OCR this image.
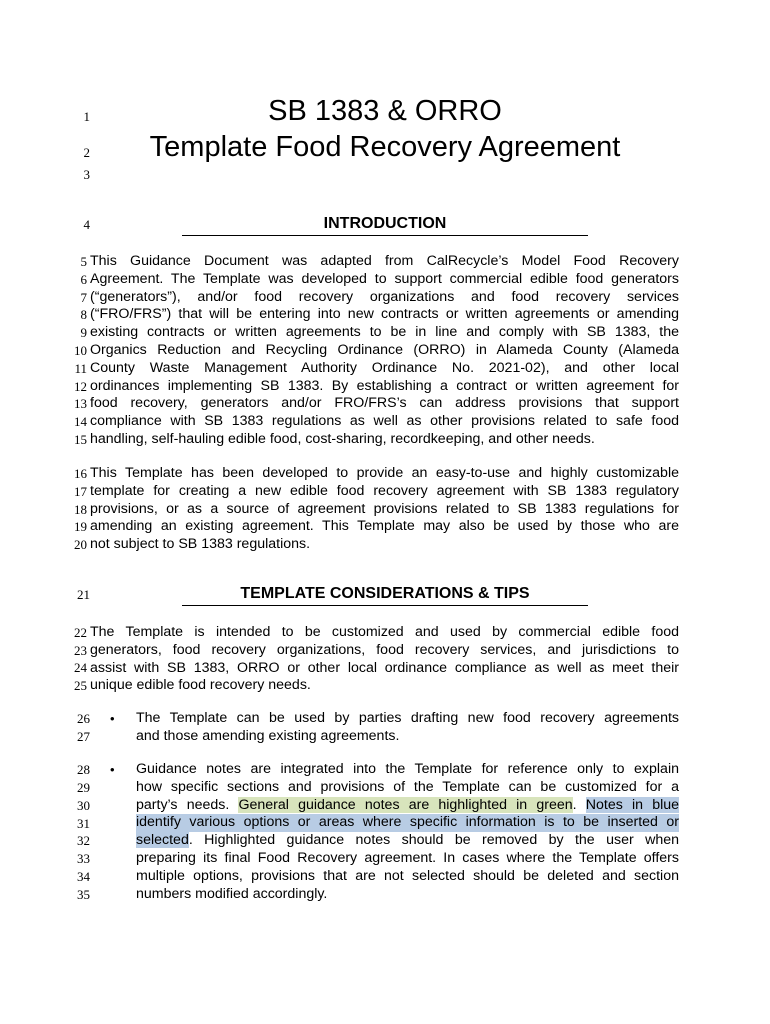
1
2
3
4
5
6
7
8
9
10
11
12
13
14
15
16
17
18
19
20
21
22
23
24
25
26
27
28
29
30
31
32
33
34
35
SB 1383 & ORRO
Template Food Recovery Agreement
INTRODUCTION
This Guidance Document was adapted from CalRecycle’s Model Food Recovery
Agreement. The Template was developed to support commercial edible food generators
(“generators”), and/or food recovery organizations and food recovery services
(“FRO/FRS”) that will be entering into new contracts or written agreements or amending
existing contracts or written agreements to be in line and comply with SB 1383, the
Organics Reduction and Recycling Ordinance (ORRO) in Alameda County (Alameda
County Waste Management Authority Ordinance No. 2021-02), and other local
ordinances implementing SB 1383. By establishing a contract or written agreement for
food recovery, generators and/or FRO/FRS’s can address provisions that support
compliance with SB 1383 regulations as well as other provisions related to safe food
handling, self-hauling edible food, cost-sharing, recordkeeping, and other needs.
This Template has been developed to provide an easy-to-use and highly customizable
template for creating a new edible food recovery agreement with SB 1383 regulatory
provisions, or as a source of agreement provisions related to SB 1383 regulations for
amending an existing agreement. This Template may also be used by those who are
not subject to SB 1383 regulations.
TEMPLATE CONSIDERATIONS & TIPS
The Template is intended to be customized and used by commercial edible food
generators, food recovery organizations, food recovery services, and jurisdictions to
assist with SB 1383, ORRO or other local ordinance compliance as well as meet their
unique edible food recovery needs.
• The Template can be used by parties drafting new food recovery agreements
and those amending existing agreements.
• Guidance notes are integrated into the Template for reference only to explain
how specific sections and provisions of the Template can be customized for a
party’s needs. General guidance notes are highlighted in green. Notes in blue
identify various options or areas where specific information is to be inserted or
selected. Highlighted guidance notes should be removed by the user when
preparing its final Food Recovery agreement. In cases where the Template offers
multiple options, provisions that are not selected should be deleted and section
numbers modified accordingly.
